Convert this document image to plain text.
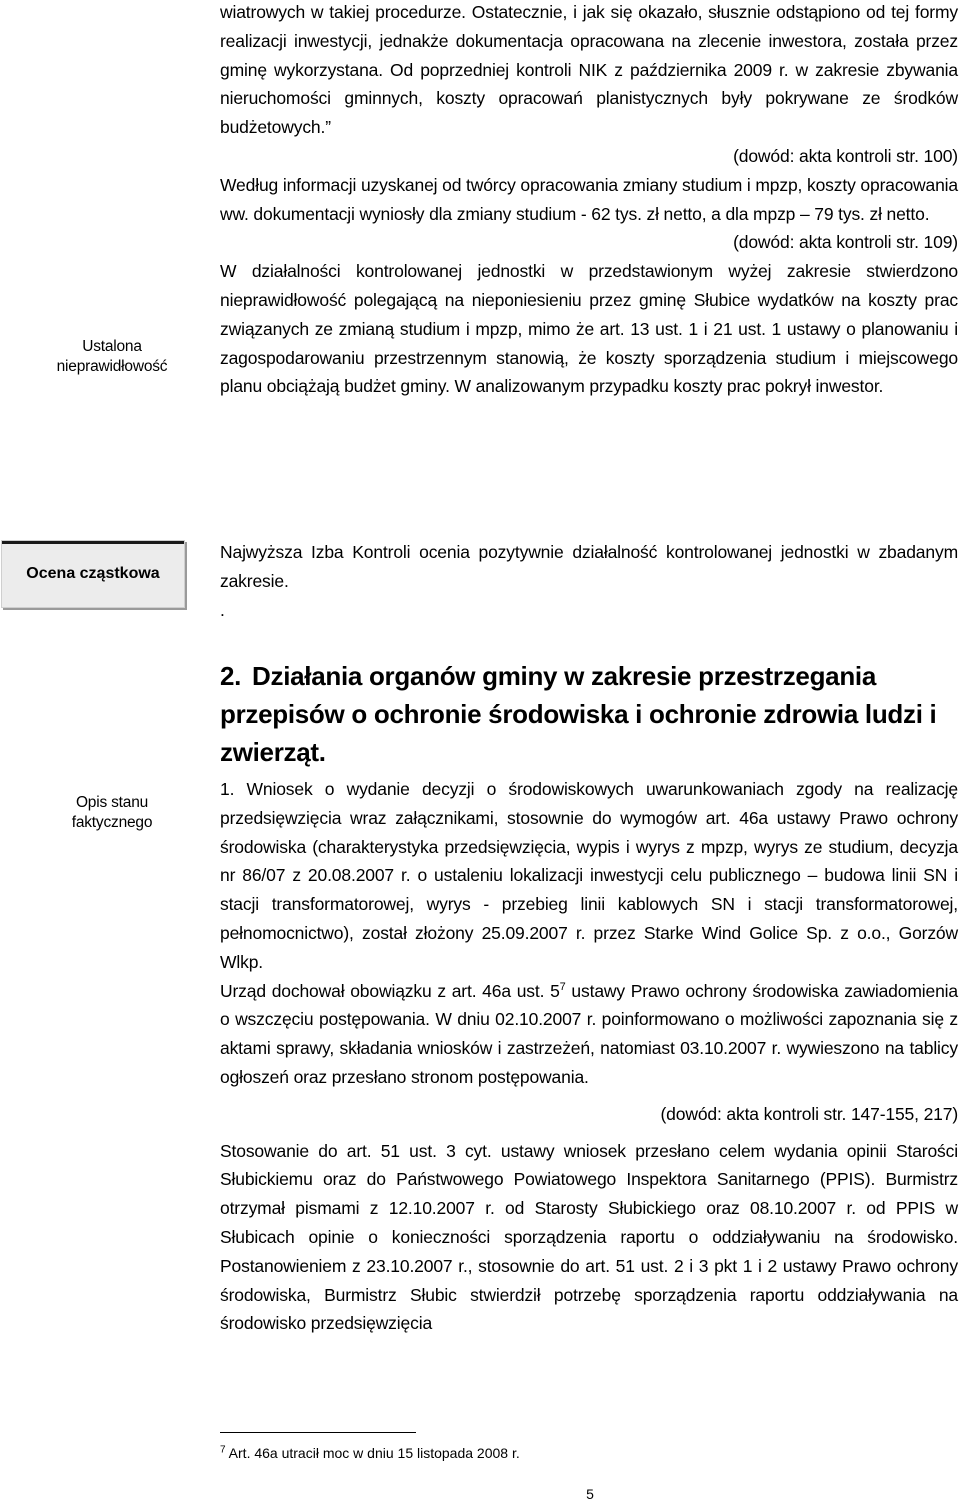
wiatrowych w takiej procedurze. Ostatecznie, i jak się okazało, słusznie odstąpiono od tej formy realizacji inwestycji, jednakże dokumentacja opracowana na zlecenie inwestora, została przez gminę wykorzystana. Od poprzedniej kontroli NIK z października 2009 r. w zakresie zbywania nieruchomości gminnych, koszty opracowań planistycznych były pokrywane ze środków budżetowych.”

(dowód: akta kontroli str. 100)

Według informacji uzyskanej od twórcy opracowania zmiany studium i mpzp, koszty opracowania ww. dokumentacji wyniosły dla zmiany studium - 62 tys. zł netto, a dla mpzp – 79 tys. zł netto.

(dowód: akta kontroli str. 109)

W działalności kontrolowanej jednostki w przedstawionym wyżej zakresie stwierdzono nieprawidłowość polegającą na nieponiesieniu przez gminę Słubice wydatków na koszty prac związanych ze zmianą studium i mpzp, mimo że art. 13 ust. 1 i 21 ust. 1 ustawy o planowaniu i zagospodarowaniu przestrzennym stanowią, że koszty sporządzenia studium i miejscowego planu obciążają budżet gminy. W analizowanym przypadku koszty prac pokrył inwestor.

Ustalona
nieprawidłowość
Ocena cząstkowa

Najwyższa Izba Kontroli ocenia pozytywnie działalność kontrolowanej jednostki w zbadanym zakresie.

.

2. Działania organów gminy w zakresie przestrzegania przepisów o ochronie środowiska i ochronie zdrowia ludzi i zwierząt.
Opis stanu
faktycznego

1. Wniosek o wydanie decyzji o środowiskowych uwarunkowaniach zgody na realizację przedsięwzięcia wraz załącznikami, stosownie do wymogów art. 46a ustawy Prawo ochrony środowiska (charakterystyka przedsięwzięcia, wypis i wyrys z mpzp, wyrys ze studium, decyzja nr 86/07 z 20.08.2007 r. o ustaleniu lokalizacji inwestycji celu publicznego – budowa linii SN i stacji transformatorowej, wyrys - przebieg linii kablowych SN i stacji transformatorowej, pełnomocnictwo), został złożony 25.09.2007 r. przez Starke Wind Golice Sp. z o.o., Gorzów Wlkp.

Urząd dochował obowiązku z art. 46a ust. $5^7$ ustawy Prawo ochrony środowiska zawiadomienia o wszczęciu postępowania. W dniu 02.10.2007 r. poinformowano o możliwości zapoznania się z aktami sprawy, składania wniosków i zastrzeżeń, natomiast 03.10.2007 r. wywieszono na tablicy ogłoszeń oraz przesłano stronom postępowania.

(dowód: akta kontroli str. 147-155, 217)

Stosowanie do art. 51 ust. 3 cyt. ustawy wniosek przesłano celem wydania opinii Starości Słubickiemu oraz do Państwowego Powiatowego Inspektora Sanitarnego (PPIS). Burmistrz otrzymał pismami z 12.10.2007 r. od Starosty Słubickiego oraz 08.10.2007 r. od PPIS w Słubicach opinie o konieczności sporządzenia raportu o oddziaływaniu na środowisko. Postanowieniem z 23.10.2007 r., stosownie do art. 51 ust. 2 i 3 pkt 1 i 2 ustawy Prawo ochrony środowiska, Burmistrz Słubic stwierdził potrzebę sporządzenia raportu oddziaływania na środowisko przedsięwzięcia

$^7$ Art. 46a utracił moc w dniu 15 listopada 2008 r.
5
